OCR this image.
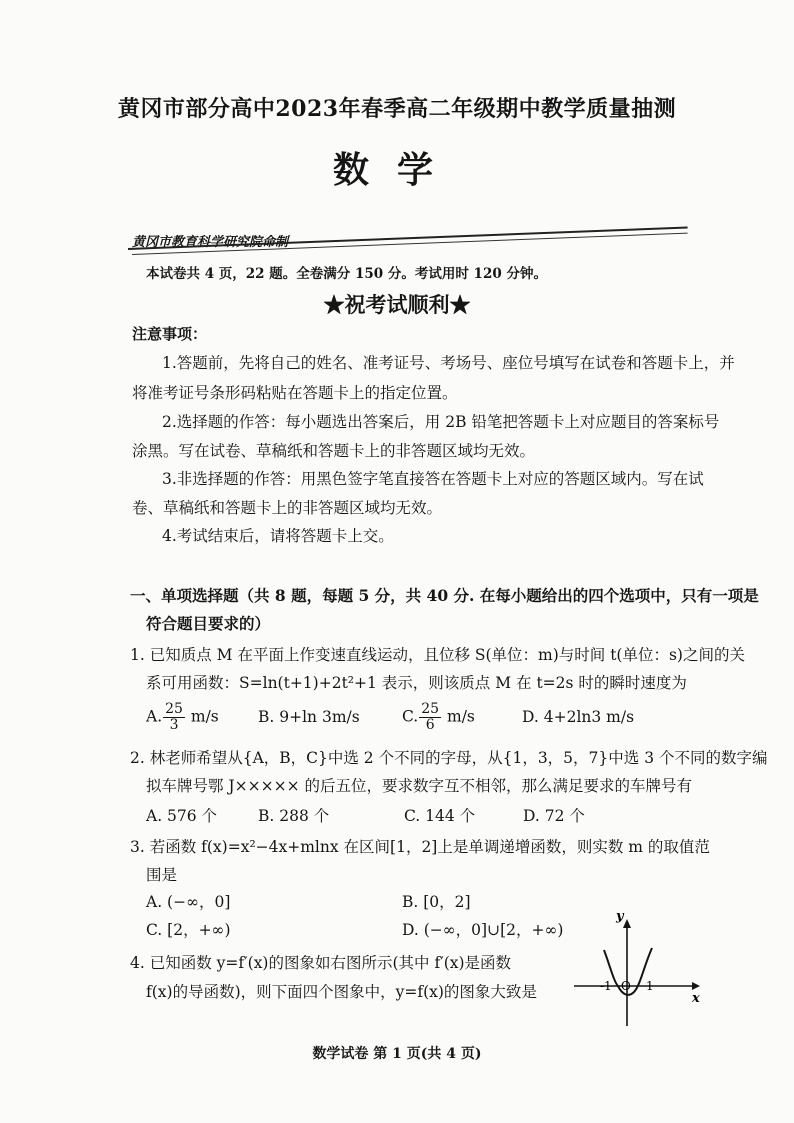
黄冈市部分高中2023年春季高二年级期中教学质量抽测
数学
黄冈市教育科学研究院命制
本试卷共 4 页，22 题。全卷满分 150 分。考试用时 120 分钟。
★祝考试顺利★
注意事项：
1.答题前，先将自己的姓名、准考证号、考场号、座位号填写在试卷和答题卡上，并
将准考证号条形码粘贴在答题卡上的指定位置。
2.选择题的作答：每小题选出答案后，用 2B 铅笔把答题卡上对应题目的答案标号
涂黑。写在试卷、草稿纸和答题卡上的非答题区域均无效。
3.非选择题的作答：用黑色签字笔直接答在答题卡上对应的答题区域内。写在试
卷、草稿纸和答题卡上的非答题区域均无效。
4.考试结束后，请将答题卡上交。
一、单项选择题（共 8 题，每题 5 分，共 40 分. 在每小题给出的四个选项中，只有一项是
符合题目要求的）
1. 已知质点 M 在平面上作变速直线运动，且位移 S(单位：m)与时间 t(单位：s)之间的关
系可用函数：S=ln(t+1)+2t²+1 表示，则该质点 M 在 t=2s 时的瞬时速度为
A. $\frac{25}{3} m/s$	B. 9+ln 3m/s	C. $\frac{25}{6} m/s$	D. 4+2ln3 m/s
2. 林老师希望从{A，B，C}中选 2 个不同的字母，从{1，3，5，7}中选 3 个不同的数字编
拟车牌号鄂 J××××× 的后五位，要求数字互不相邻，那么满足要求的车牌号有
A. 576 个	B. 288 个	C. 144 个	D. 72 个
3. 若函数 f(x)=x²−4x+mlnx 在区间[1，2]上是单调递增函数，则实数 m 的取值范
围是
A. (−∞，0]	B. [0，2]
C. [2，+∞)	D. (−∞，0]∪[2，+∞)
4. 已知函数 y=f′(x)的图象如右图所示(其中 f′(x)是函数
f(x)的导函数)，则下面四个图象中，y=f(x)的图象大致是
y
x
-1 O 1
数学试卷 第 1 页(共 4 页)
